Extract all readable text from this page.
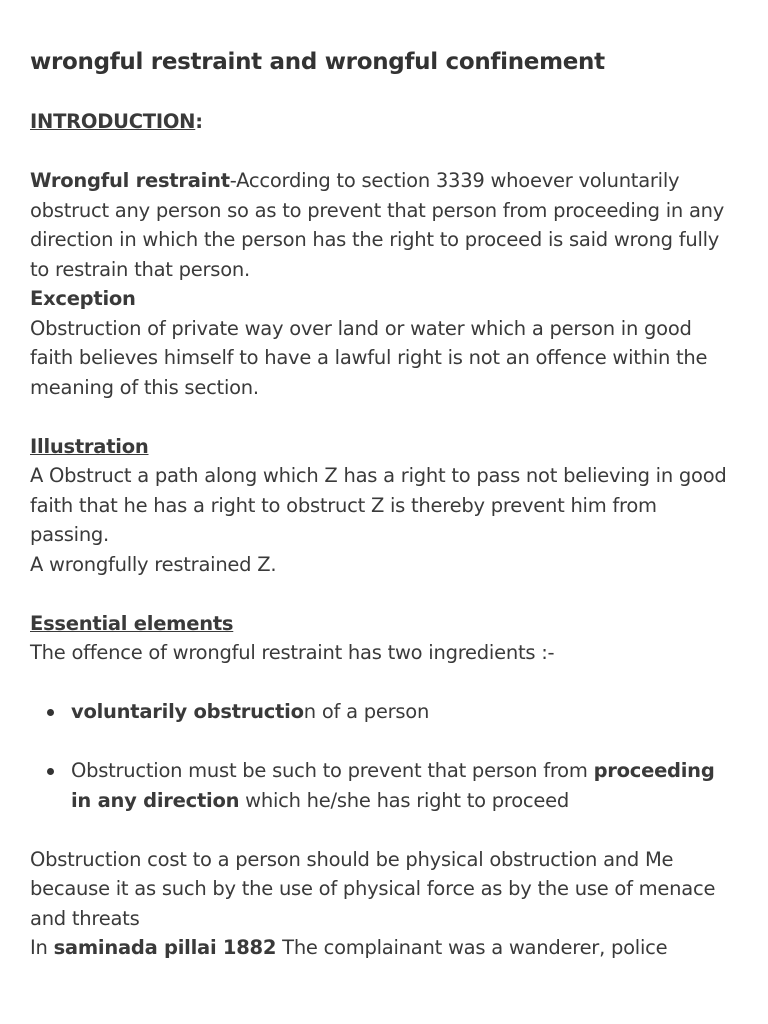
wrongful restraint and wrongful confinement
INTRODUCTION:

Wrongful restraint-According to section 3339 whoever voluntarily obstruct any person so as to prevent that person from proceeding in any direction in which the person has the right to proceed is said wrong fully to restrain that person.

Exception

Obstruction of private way over land or water which a person in good faith believes himself to have a lawful right is not an offence within the meaning of this section.

Illustration

A Obstruct a path along which Z has a right to pass not believing in good faith that he has a right to obstruct Z is thereby prevent him from passing.

A wrongfully restrained Z.

Essential elements

The offence of wrongful restraint has two ingredients :-

voluntarily obstruction of a person
Obstruction must be such to prevent that person from proceeding in any direction which he/she has right to proceed

Obstruction cost to a person should be physical obstruction and Me because it as such by the use of physical force as by the use of menace and threats

In saminada pillai 1882 The complainant was a wanderer, police
